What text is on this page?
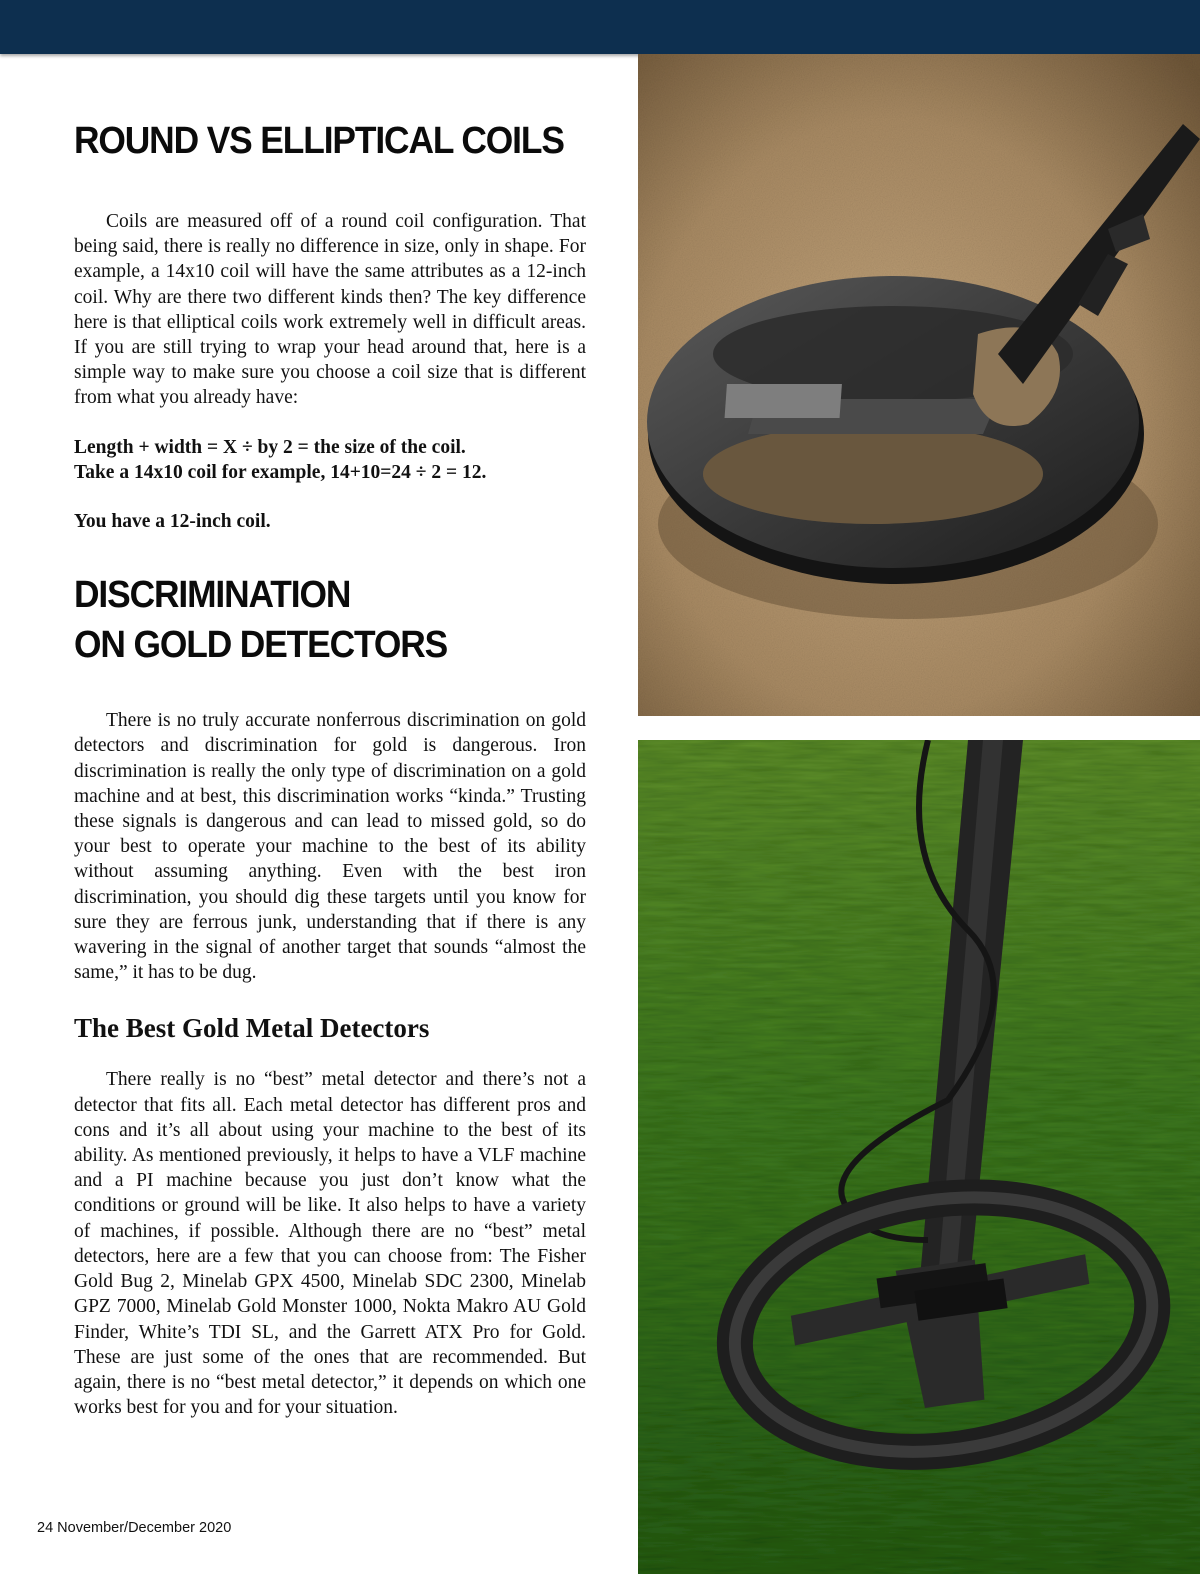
ROUND VS ELLIPTICAL COILS

Coils are measured off of a round coil configuration. That being said, there is really no difference in size, only in shape. For example, a 14x10 coil will have the same attributes as a 12-inch coil. Why are there two different kinds then? The key difference here is that elliptical coils work extremely well in difficult areas. If you are still trying to wrap your head around that, here is a simple way to make sure you choose a coil size that is different from what you already have:

Length + width = X ÷ by 2 = the size of the coil.

Take a 14x10 coil for example, 14+10=24 ÷ 2 = 12.

You have a 12-inch coil.

DISCRIMINATION
ON GOLD DETECTORS

There is no truly accurate nonferrous discrimination on gold detectors and discrimination for gold is dangerous. Iron discrimination is really the only type of discrimination on a gold machine and at best, this discrimination works “kinda.” Trusting these signals is dangerous and can lead to missed gold, so do your best to operate your machine to the best of its ability without assuming anything. Even with the best iron discrimination, you should dig these targets until you know for sure they are ferrous junk, understanding that if there is any wavering in the signal of another target that sounds “almost the same,” it has to be dug.

The Best Gold Metal Detectors

There really is no “best” metal detector and there’s not a detector that fits all. Each metal detector has different pros and cons and it’s all about using your machine to the best of its ability. As mentioned previously, it helps to have a VLF machine and a PI machine because you just don’t know what the conditions or ground will be like. It also helps to have a variety of machines, if possible. Although there are no “best” metal detectors, here are a few that you can choose from: The Fisher Gold Bug 2, Minelab GPX 4500, Minelab SDC 2300, Minelab GPZ 7000, Minelab Gold Monster 1000, Nokta Makro AU Gold Finder, White’s TDI SL, and the Garrett ATX Pro for Gold. These are just some of the ones that are recommended. But again, there is no “best metal detector,” it depends on which one works best for you and for your situation.

24 November/December 2020
